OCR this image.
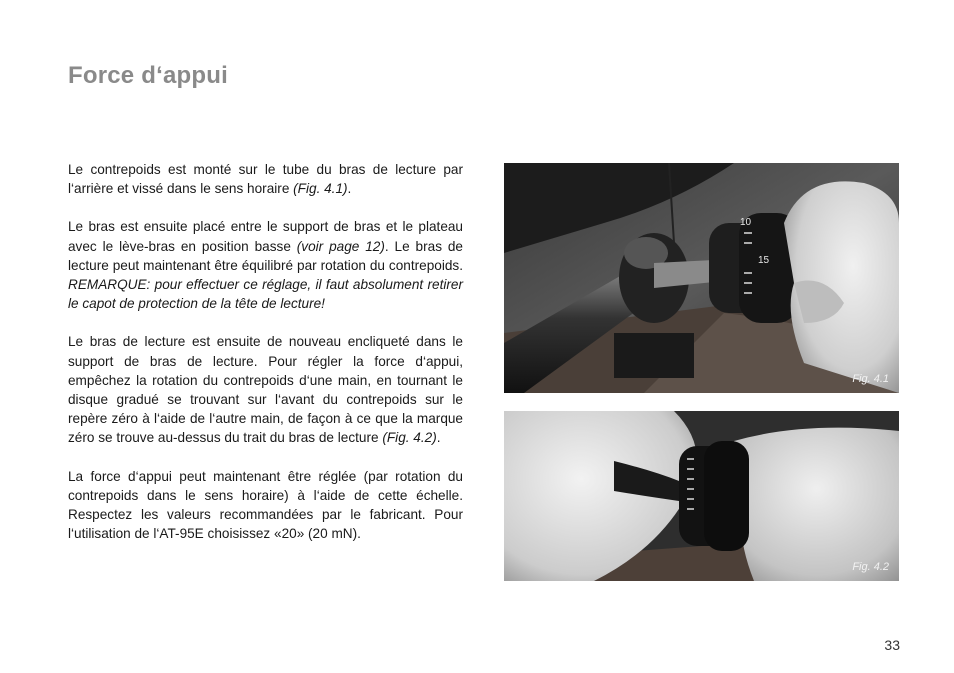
Force d‘appui

Le contrepoids est monté sur le tube du bras de lecture par l‘arrière et vissé dans le sens horaire (Fig. 4.1).

Le bras est ensuite placé entre le support de bras et le plateau avec le lève-bras en position basse (voir page 12). Le bras de lecture peut maintenant être équilibré par rotation du contrepoids. REMARQUE: pour effectuer ce réglage, il faut absolument retirer le capot de protection de la tête de lecture!

Le bras de lecture est ensuite de nouveau encliqueté dans le support de bras de lecture. Pour régler la force d‘appui, empêchez la rotation du contrepoids d‘une main, en tournant le disque gradué se trouvant sur l‘avant du contrepoids sur le repère zéro à l‘aide de l‘autre main, de façon à ce que la marque zéro se trouve au-dessus du trait du bras de lecture (Fig. 4.2).

La force d‘appui peut maintenant être réglée (par rotation du contrepoids dans le sens horaire) à l‘aide de cette échelle. Respectez les valeurs recommandées par le fabricant. Pour l‘utilisation de l‘AT-95E choisissez «20» (20 mN).

10
15
Fig. 4.1
Fig. 4.2
33
